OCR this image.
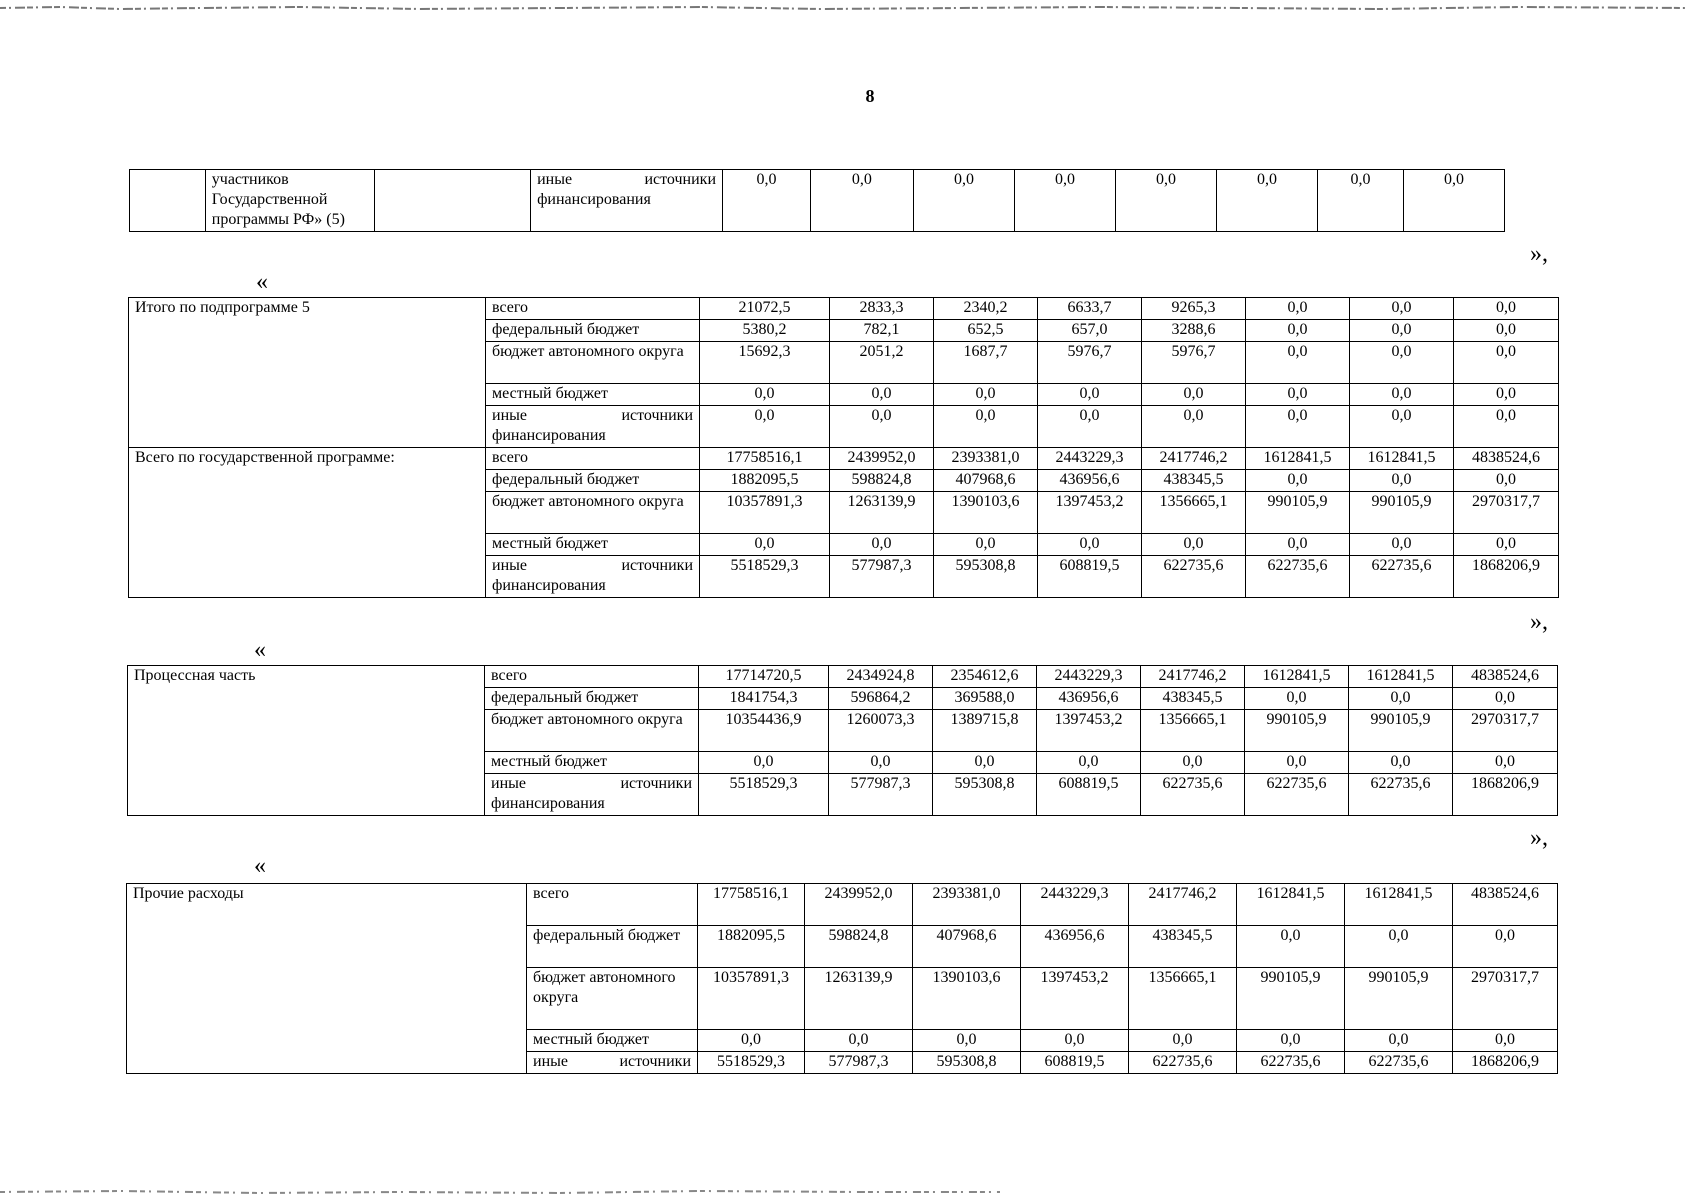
8
	участников Государственной программы РФ» (5)		иные источники финансирования	0,0	0,0	0,0	0,0	0,0	0,0	0,0	0,0
»,
«
Итого по подпрограмме 5	всего	21072,5	2833,3	2340,2	6633,7	9265,3	0,0	0,0	0,0
	федеральный бюджет	5380,2	782,1	652,5	657,0	3288,6	0,0	0,0	0,0
	бюджет автономного округа	15692,3	2051,2	1687,7	5976,7	5976,7	0,0	0,0	0,0
	местный бюджет	0,0	0,0	0,0	0,0	0,0	0,0	0,0	0,0
	иные источники финансирования	0,0	0,0	0,0	0,0	0,0	0,0	0,0	0,0
Всего по государственной программе:	всего	17758516,1	2439952,0	2393381,0	2443229,3	2417746,2	1612841,5	1612841,5	4838524,6
	федеральный бюджет	1882095,5	598824,8	407968,6	436956,6	438345,5	0,0	0,0	0,0
	бюджет автономного округа	10357891,3	1263139,9	1390103,6	1397453,2	1356665,1	990105,9	990105,9	2970317,7
	местный бюджет	0,0	0,0	0,0	0,0	0,0	0,0	0,0	0,0
	иные источники финансирования	5518529,3	577987,3	595308,8	608819,5	622735,6	622735,6	622735,6	1868206,9
»,
«
Процессная часть	всего	17714720,5	2434924,8	2354612,6	2443229,3	2417746,2	1612841,5	1612841,5	4838524,6
	федеральный бюджет	1841754,3	596864,2	369588,0	436956,6	438345,5	0,0	0,0	0,0
	бюджет автономного округа	10354436,9	1260073,3	1389715,8	1397453,2	1356665,1	990105,9	990105,9	2970317,7
	местный бюджет	0,0	0,0	0,0	0,0	0,0	0,0	0,0	0,0
	иные источники финансирования	5518529,3	577987,3	595308,8	608819,5	622735,6	622735,6	622735,6	1868206,9
»,
«
Прочие расходы	всего	17758516,1	2439952,0	2393381,0	2443229,3	2417746,2	1612841,5	1612841,5	4838524,6
	федеральный бюджет	1882095,5	598824,8	407968,6	436956,6	438345,5	0,0	0,0	0,0
	бюджет автономного округа	10357891,3	1263139,9	1390103,6	1397453,2	1356665,1	990105,9	990105,9	2970317,7
	местный бюджет	0,0	0,0	0,0	0,0	0,0	0,0	0,0	0,0
	иные источники	5518529,3	577987,3	595308,8	608819,5	622735,6	622735,6	622735,6	1868206,9
